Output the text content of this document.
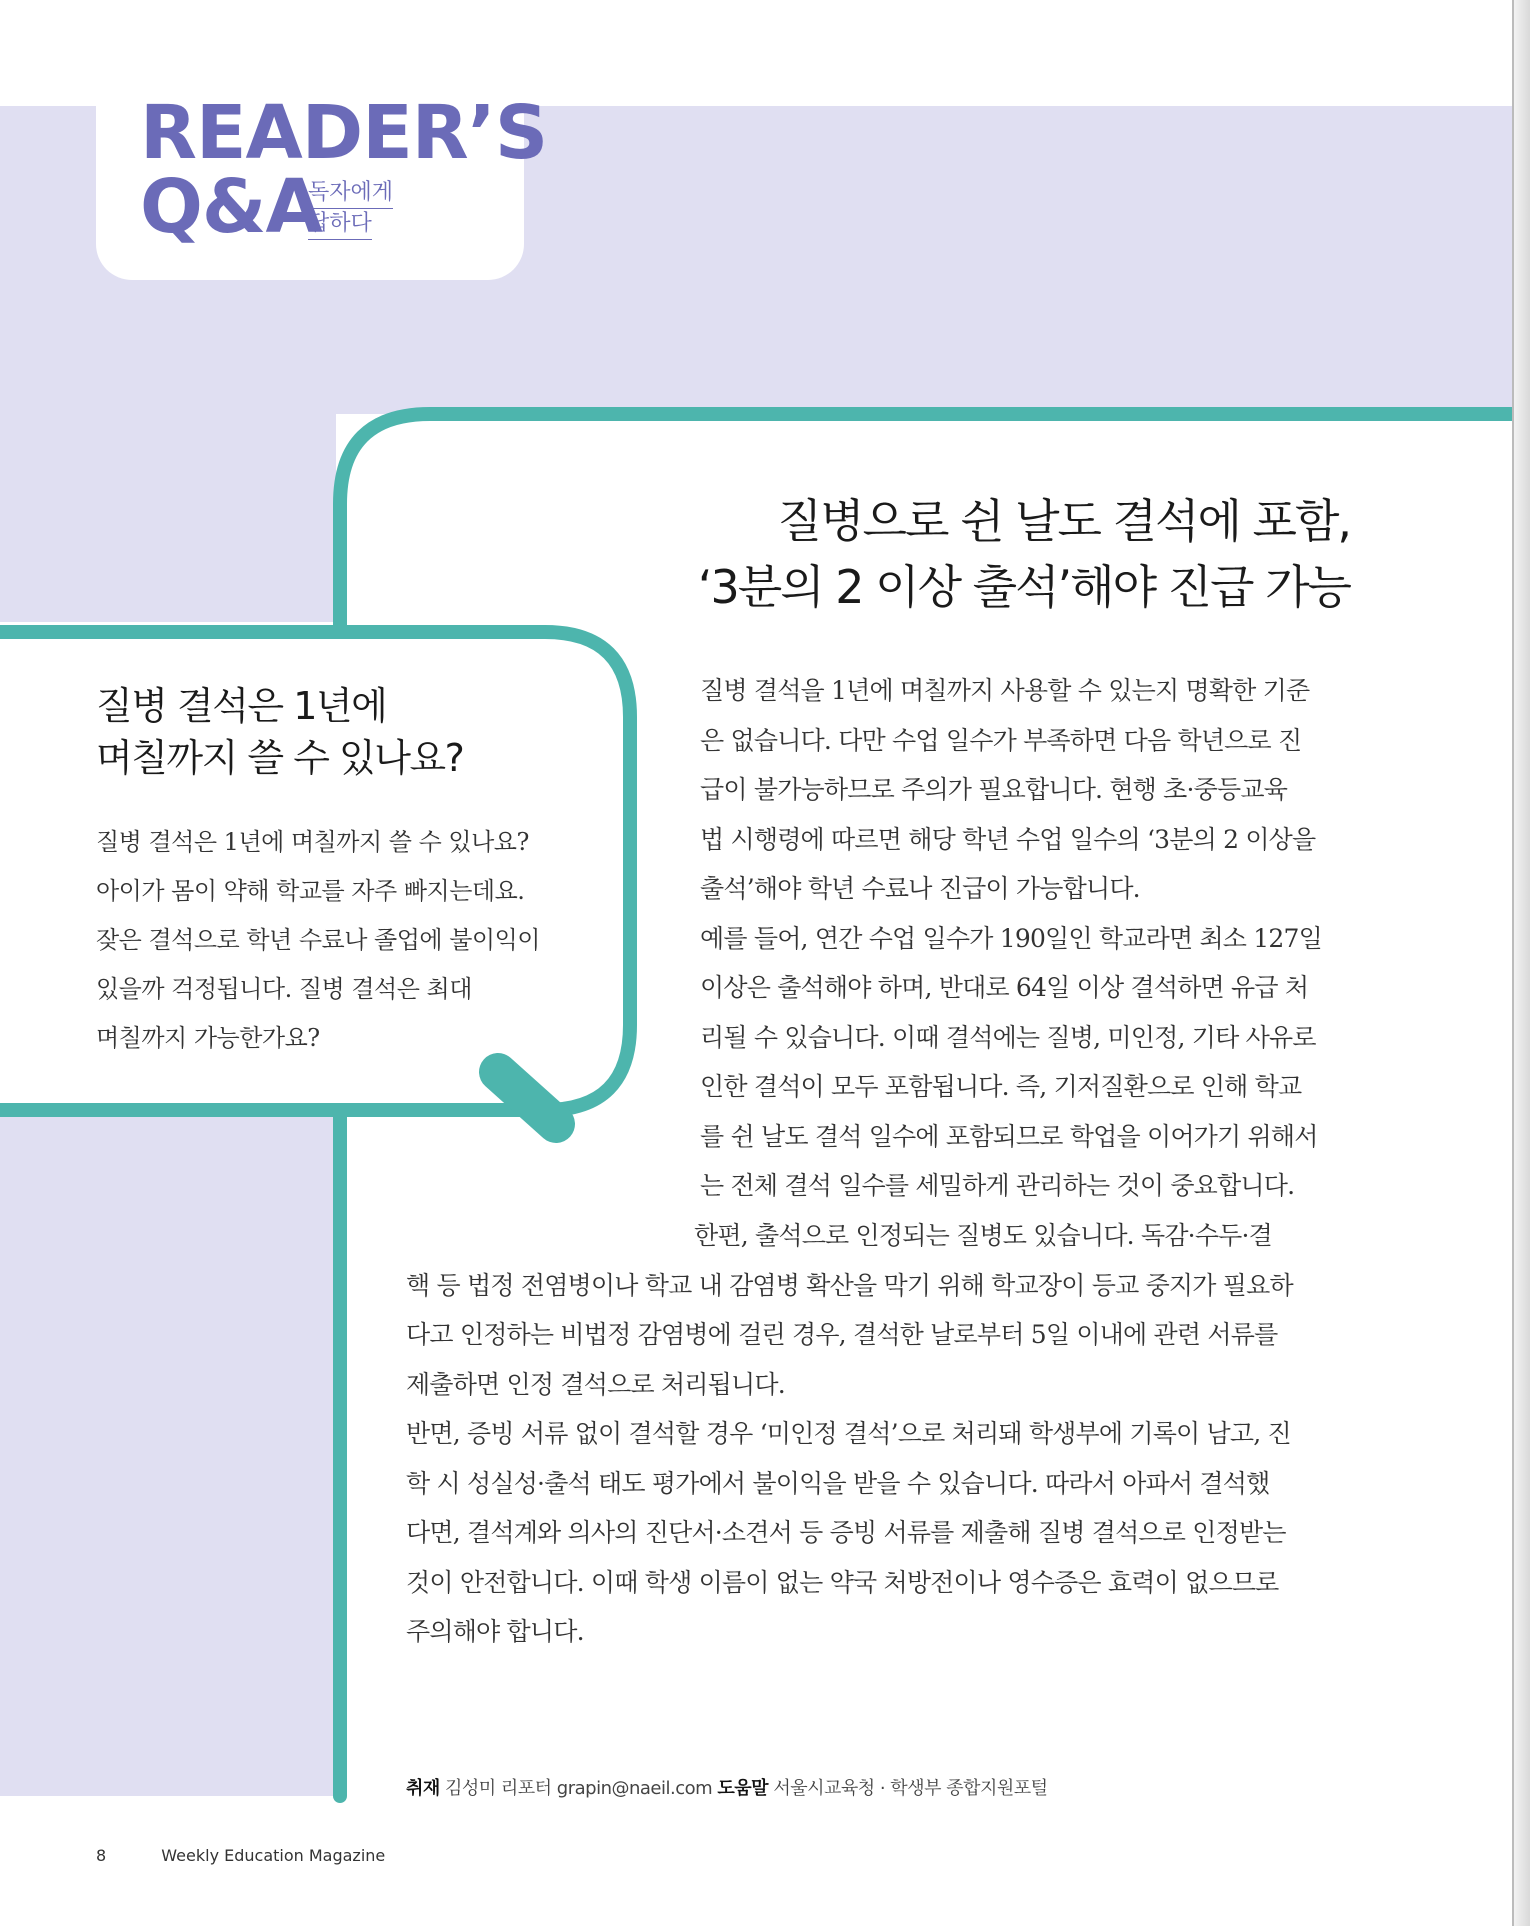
READER’S
Q&A
독자에게
답하다
질병으로 쉰 날도 결석에 포함,
‘3분의 2 이상 출석’해야 진급 가능
질병 결석은 1년에
며칠까지 쓸 수 있나요?
질병 결석은 1년에 며칠까지 쓸 수 있나요?
아이가 몸이 약해 학교를 자주 빠지는데요.
잦은 결석으로 학년 수료나 졸업에 불이익이
있을까 걱정됩니다. 질병 결석은 최대
며칠까지 가능한가요?
질병 결석을 1년에 며칠까지 사용할 수 있는지 명확한 기준
은 없습니다. 다만 수업 일수가 부족하면 다음 학년으로 진
급이 불가능하므로 주의가 필요합니다. 현행 초·중등교육
법 시행령에 따르면 해당 학년 수업 일수의 ‘3분의 2 이상을
출석’해야 학년 수료나 진급이 가능합니다.
예를 들어, 연간 수업 일수가 190일인 학교라면 최소 127일
이상은 출석해야 하며, 반대로 64일 이상 결석하면 유급 처
리될 수 있습니다. 이때 결석에는 질병, 미인정, 기타 사유로
인한 결석이 모두 포함됩니다. 즉, 기저질환으로 인해 학교
를 쉰 날도 결석 일수에 포함되므로 학업을 이어가기 위해서
는 전체 결석 일수를 세밀하게 관리하는 것이 중요합니다.
한편, 출석으로 인정되는 질병도 있습니다. 독감·수두·결
핵 등 법정 전염병이나 학교 내 감염병 확산을 막기 위해 학교장이 등교 중지가 필요하
다고 인정하는 비법정 감염병에 걸린 경우, 결석한 날로부터 5일 이내에 관련 서류를
제출하면 인정 결석으로 처리됩니다.
반면, 증빙 서류 없이 결석할 경우 ‘미인정 결석’으로 처리돼 학생부에 기록이 남고, 진
학 시 성실성·출석 태도 평가에서 불이익을 받을 수 있습니다. 따라서 아파서 결석했
다면, 결석계와 의사의 진단서·소견서 등 증빙 서류를 제출해 질병 결석으로 인정받는
것이 안전합니다. 이때 학생 이름이 없는 약국 처방전이나 영수증은 효력이 없으므로
주의해야 합니다.
취재 김성미 리포터 grapin@naeil.com 도움말 서울시교육청 · 학생부 종합지원포털
8	Weekly Education Magazine
